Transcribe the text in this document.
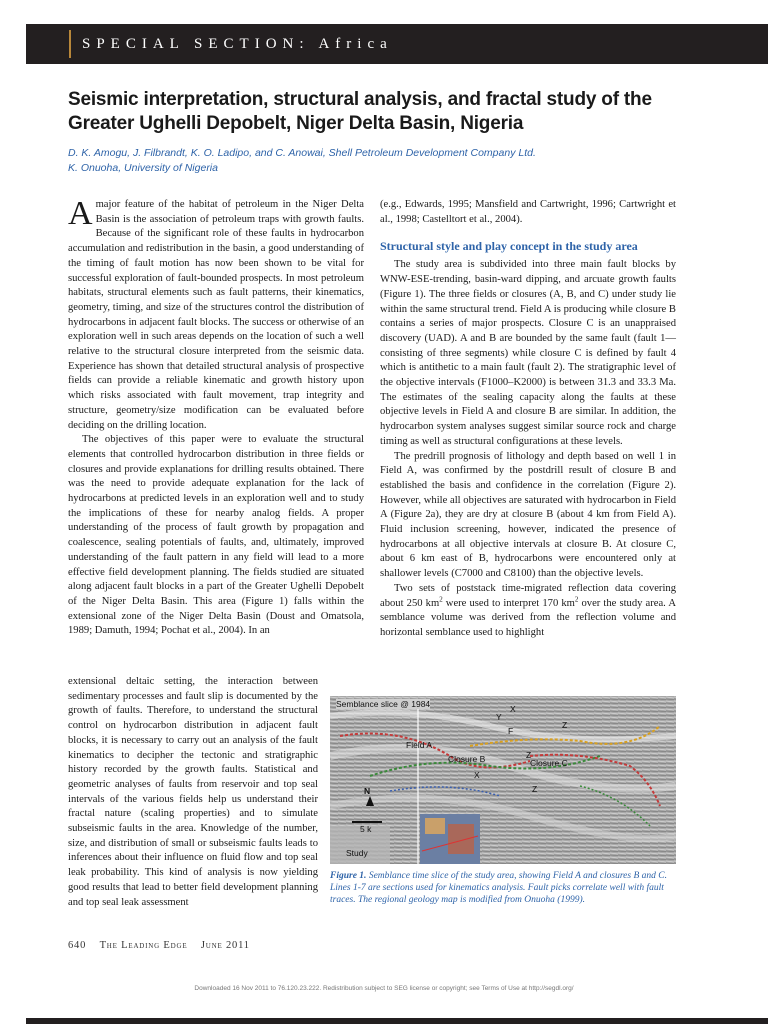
SPECIAL SECTION: Africa
Seismic interpretation, structural analysis, and fractal study of the Greater Ughelli Depobelt, Niger Delta Basin, Nigeria
D. K. Amogu, J. Filbrandt, K. O. Ladipo, and C. Anowai, Shell Petroleum Development Company Ltd.
K. Onuoha, University of Nigeria

Amajor feature of the habitat of petroleum in the Niger Delta Basin is the association of petroleum traps with growth faults. Because of the significant role of these faults in hydrocarbon accumulation and redistribution in the basin, a good understanding of the timing of fault motion has now been shown to be vital for successful exploration of fault-bounded prospects. In most petroleum habitats, structural elements such as fault patterns, their kinematics, geometry, timing, and size of the structures control the distribution of hydrocarbons in adjacent fault blocks. The success or otherwise of an exploration well in such areas depends on the location of such a well relative to the structural closure interpreted from the seismic data. Experience has shown that detailed structural analysis of prospective fields can provide a reliable kinematic and growth history upon which risks associated with fault movement, trap integrity and structure, geometry/size modification can be evaluated before deciding on the drilling location.

The objectives of this paper were to evaluate the structural elements that controlled hydrocarbon distribution in three fields or closures and provide explanations for drilling results obtained. There was the need to provide adequate explanation for the lack of hydrocarbons at predicted levels in an exploration well and to study the implications of these for nearby analog fields. A proper understanding of the process of fault growth by propagation and coalescence, sealing potentials of faults, and, ultimately, improved understanding of the fault pattern in any field will lead to a more effective field development planning. The fields studied are situated along adjacent fault blocks in a part of the Greater Ughelli Depobelt of the Niger Delta Basin. This area (Figure 1) falls within the extensional zone of the Niger Delta Basin (Doust and Omatsola, 1989; Damuth, 1994; Pochat et al., 2004). In an

extensional deltaic setting, the interaction between sedimentary processes and fault slip is documented by the growth of faults. Therefore, to understand the structural control on hydrocarbon distribution in adjacent fault blocks, it is necessary to carry out an analysis of the fault kinematics to decipher the tectonic and stratigraphic history recorded by the growth faults. Statistical and geometric analyses of faults from reservoir and top seal intervals of the various fields help us understand their fractal nature (scaling properties) and to simulate subseismic faults in the area. Knowledge of the number, size, and distribution of small or subseismic faults leads to inferences about their influence on fluid flow and top seal leak probability. This kind of analysis is now yielding good results that lead to better field development planning and top seal leak assessment

(e.g., Edwards, 1995; Mansfield and Cartwright, 1996; Cartwright et al., 1998; Castelltort et al., 2004).

Structural style and play concept in the study area

The study area is subdivided into three main fault blocks by WNW-ESE-trending, basin-ward dipping, and arcuate growth faults (Figure 1). The three fields or closures (A, B, and C) under study lie within the same structural trend. Field A is producing while closure B contains a series of major prospects. Closure C is an unappraised discovery (UAD). A and B are bounded by the same fault (fault 1—consisting of three segments) while closure C is defined by fault 4 which is antithetic to a main fault (fault 2). The stratigraphic level of the objective intervals (F1000–K2000) is between 31.3 and 33.3 Ma. The estimates of the sealing capacity along the faults at these objective levels in Field A and closure B are similar. In addition, the hydrocarbon system analyses suggest similar source rock and charge timing as well as structural configurations at these levels.

The predrill prognosis of lithology and depth based on well 1 in Field A, was confirmed by the postdrill result of closure B and established the basis and confidence in the correlation (Figure 2). However, while all objectives are saturated with hydrocarbon in Field A (Figure 2a), they are dry at closure B (about 4 km from Field A). Fluid inclusion screening, however, indicated the presence of hydrocarbons at all objective intervals at closure B. At closure C, about 6 km east of B, hydrocarbons were encountered only at shallower levels (C7000 and C8100) than the objective levels.

Two sets of poststack time-migrated reflection data covering about 250 $km^2$ were used to interpret 170 $km^2$ over the study area. A semblance volume was derived from the reflection volume and horizontal semblance used to highlight

Semblance slice @ 1984
Field A
Closure B	Closure C
N
5 k
Study
X
Y
Z
F
Z
Z
X

Figure 1. Semblance time slice of the study area, showing Field A and closures B and C. Lines 1-7 are sections used for kinematics analysis. Fault picks correlate well with fault traces. The regional geology map is modified from Onuoha (1999).

640 The Leading Edge June 2011
Downloaded 16 Nov 2011 to 76.120.23.222. Redistribution subject to SEG license or copyright; see Terms of Use at http://segdl.org/
